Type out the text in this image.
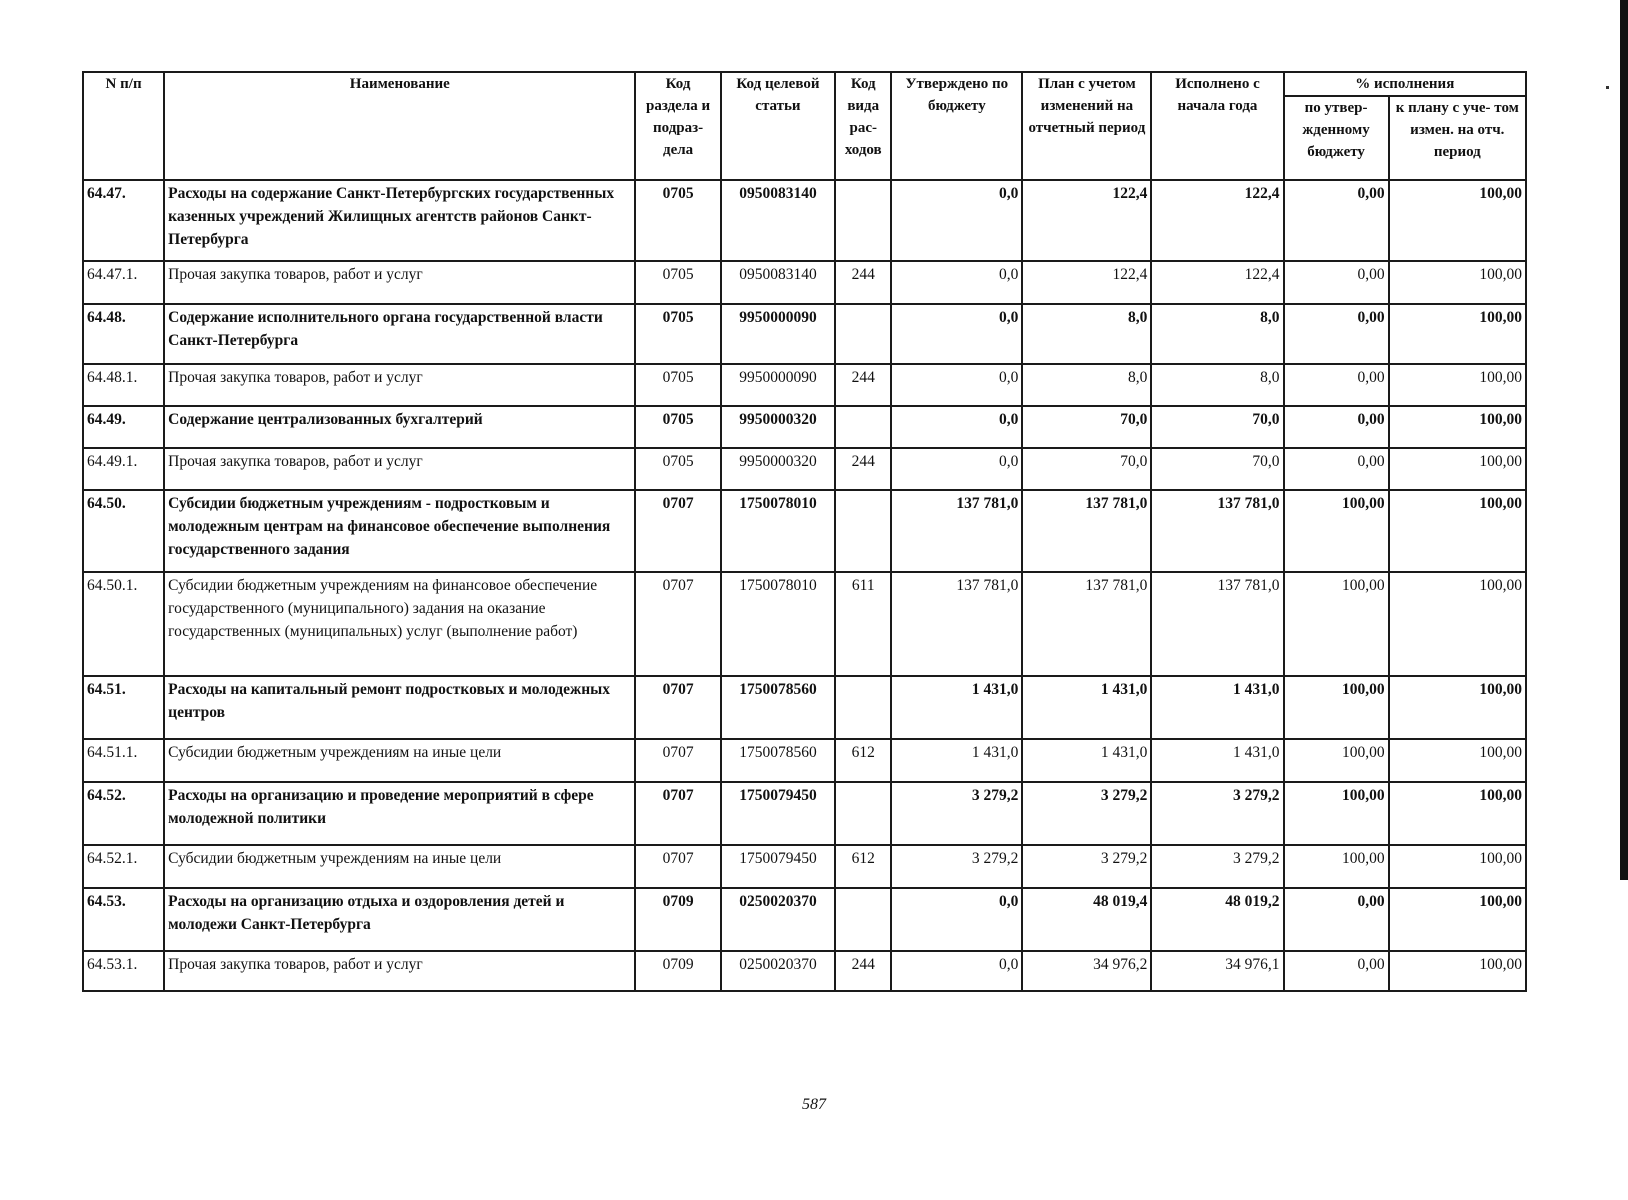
N п/п	Наименование	Код раздела и подраз- дела	Код целевой статьи	Код вида рас- ходов	Утверждено по бюджету	План с учетом изменений на отчетный период	Исполнено с начала года	% исполнения	
								по утвер- жденному бюджету	к плану с уче- том измен. на отч. период
64.47.	Расходы на содержание Санкт-Петербургских государственных казенных учреждений Жилищных агентств районов Санкт-Петербурга	0705	0950083140		0,0	122,4	122,4	0,00	100,00
64.47.1.	Прочая закупка товаров, работ и услуг	0705	0950083140	244	0,0	122,4	122,4	0,00	100,00
64.48.	Содержание исполнительного органа государственной власти Санкт-Петербурга	0705	9950000090		0,0	8,0	8,0	0,00	100,00
64.48.1.	Прочая закупка товаров, работ и услуг	0705	9950000090	244	0,0	8,0	8,0	0,00	100,00
64.49.	Содержание централизованных бухгалтерий	0705	9950000320		0,0	70,0	70,0	0,00	100,00
64.49.1.	Прочая закупка товаров, работ и услуг	0705	9950000320	244	0,0	70,0	70,0	0,00	100,00
64.50.	Субсидии бюджетным учреждениям - подростковым и молодежным центрам на финансовое обеспечение выполнения государственного задания	0707	1750078010		137 781,0	137 781,0	137 781,0	100,00	100,00
64.50.1.	Субсидии бюджетным учреждениям на финансовое обеспечение государственного (муниципального) задания на оказание государственных (муниципальных) услуг (выполнение работ)	0707	1750078010	611	137 781,0	137 781,0	137 781,0	100,00	100,00
64.51.	Расходы на капитальный ремонт подростковых и молодежных центров	0707	1750078560		1 431,0	1 431,0	1 431,0	100,00	100,00
64.51.1.	Субсидии бюджетным учреждениям на иные цели	0707	1750078560	612	1 431,0	1 431,0	1 431,0	100,00	100,00
64.52.	Расходы на организацию и проведение мероприятий в сфере молодежной политики	0707	1750079450		3 279,2	3 279,2	3 279,2	100,00	100,00
64.52.1.	Субсидии бюджетным учреждениям на иные цели	0707	1750079450	612	3 279,2	3 279,2	3 279,2	100,00	100,00
64.53.	Расходы на организацию отдыха и оздоровления детей и молодежи Санкт-Петербурга	0709	0250020370		0,0	48 019,4	48 019,2	0,00	100,00
64.53.1.	Прочая закупка товаров, работ и услуг	0709	0250020370	244	0,0	34 976,2	34 976,1	0,00	100,00
587
